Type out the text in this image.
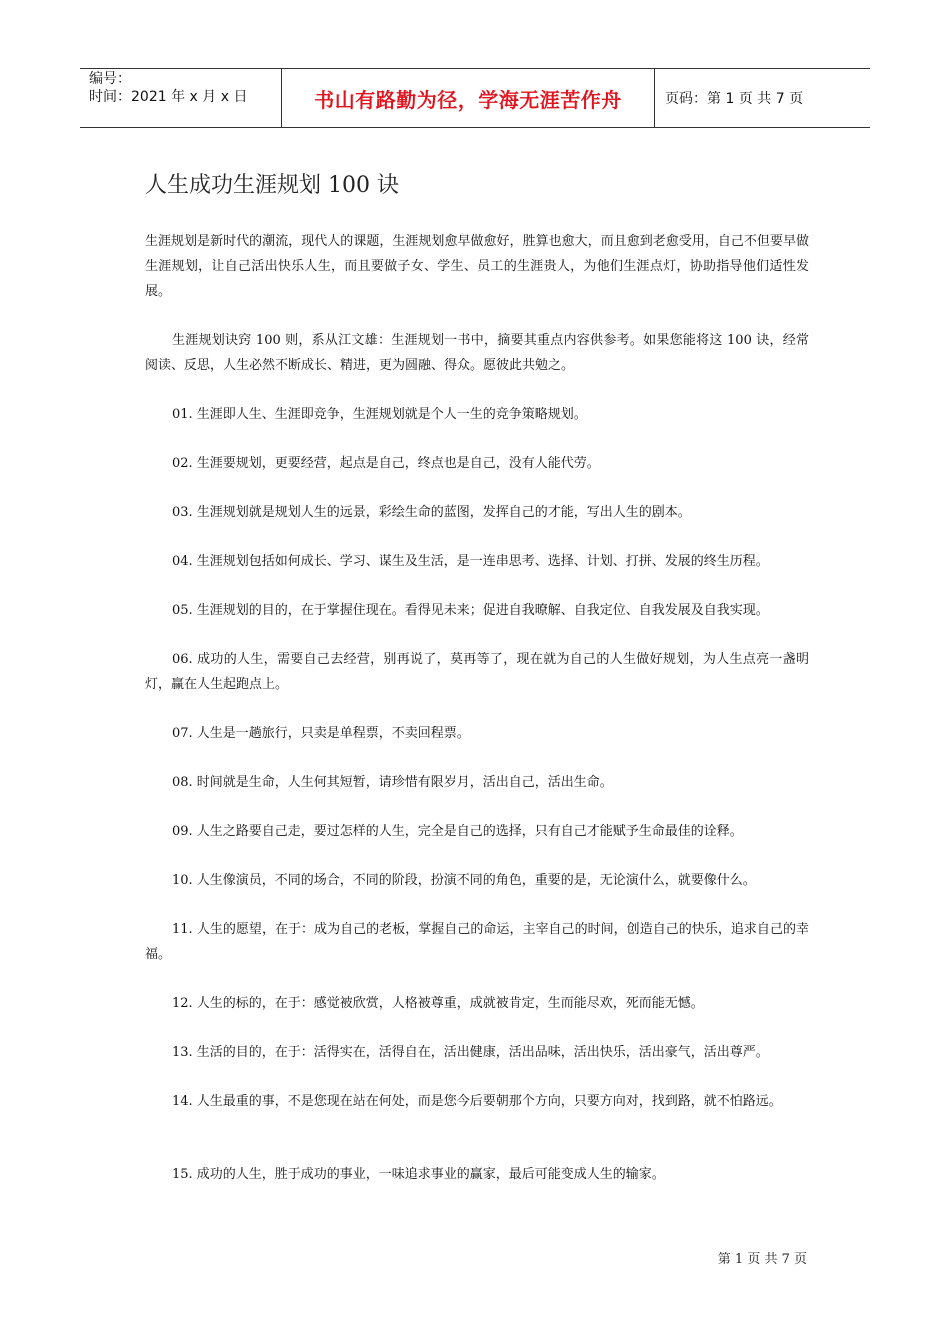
编号：
时间：2021 年 x 月 x 日	书山有路勤为径，学海无涯苦作舟	页码：第 1 页 共 7 页
人生成功生涯规划 100 诀

生涯规划是新时代的潮流，现代人的课题，生涯规划愈早做愈好，胜算也愈大，而且愈到老愈受用，自己不但要早做生涯规划，让自己活出快乐人生，而且要做子女、学生、员工的生涯贵人，为他们生涯点灯，协助指导他们适性发展。

生涯规划诀窍 100 则，系从江文雄：生涯规划一书中，摘要其重点内容供参考。如果您能将这 100 诀，经常阅读、反思，人生必然不断成长、精进，更为圆融、得众。愿彼此共勉之。

01. 生涯即人生、生涯即竞争，生涯规划就是个人一生的竞争策略规划。

02. 生涯要规划，更要经营，起点是自己，终点也是自己，没有人能代劳。

03. 生涯规划就是规划人生的远景，彩绘生命的蓝图，发挥自己的才能，写出人生的剧本。

04. 生涯规划包括如何成长、学习、谋生及生活，是一连串思考、选择、计划、打拼、发展的终生历程。

05. 生涯规划的目的，在于掌握住现在。看得见未来；促进自我暸解、自我定位、自我发展及自我实现。

06. 成功的人生，需要自己去经营，别再说了，莫再等了，现在就为自己的人生做好规划，为人生点亮一盏明灯，赢在人生起跑点上。

07. 人生是一趟旅行，只卖是单程票，不卖回程票。

08. 时间就是生命，人生何其短暂，请珍惜有限岁月，活出自己，活出生命。

09. 人生之路要自己走，要过怎样的人生，完全是自己的选择，只有自己才能赋予生命最佳的诠释。

10. 人生像演员，不同的场合，不同的阶段，扮演不同的角色，重要的是，无论演什么，就要像什么。

11. 人生的愿望，在于：成为自己的老板，掌握自己的命运，主宰自己的时间，创造自己的快乐，追求自己的幸福。

12. 人生的标的，在于：感觉被欣赏，人格被尊重，成就被肯定，生而能尽欢，死而能无憾。

13. 生活的目的，在于：活得实在，活得自在，活出健康，活出品味，活出快乐，活出豪气，活出尊严。

14. 人生最重的事，不是您现在站在何处，而是您今后要朝那个方向，只要方向对，找到路，就不怕路远。

15. 成功的人生，胜于成功的事业，一味追求事业的赢家，最后可能变成人生的输家。

第 1 页 共 7 页
